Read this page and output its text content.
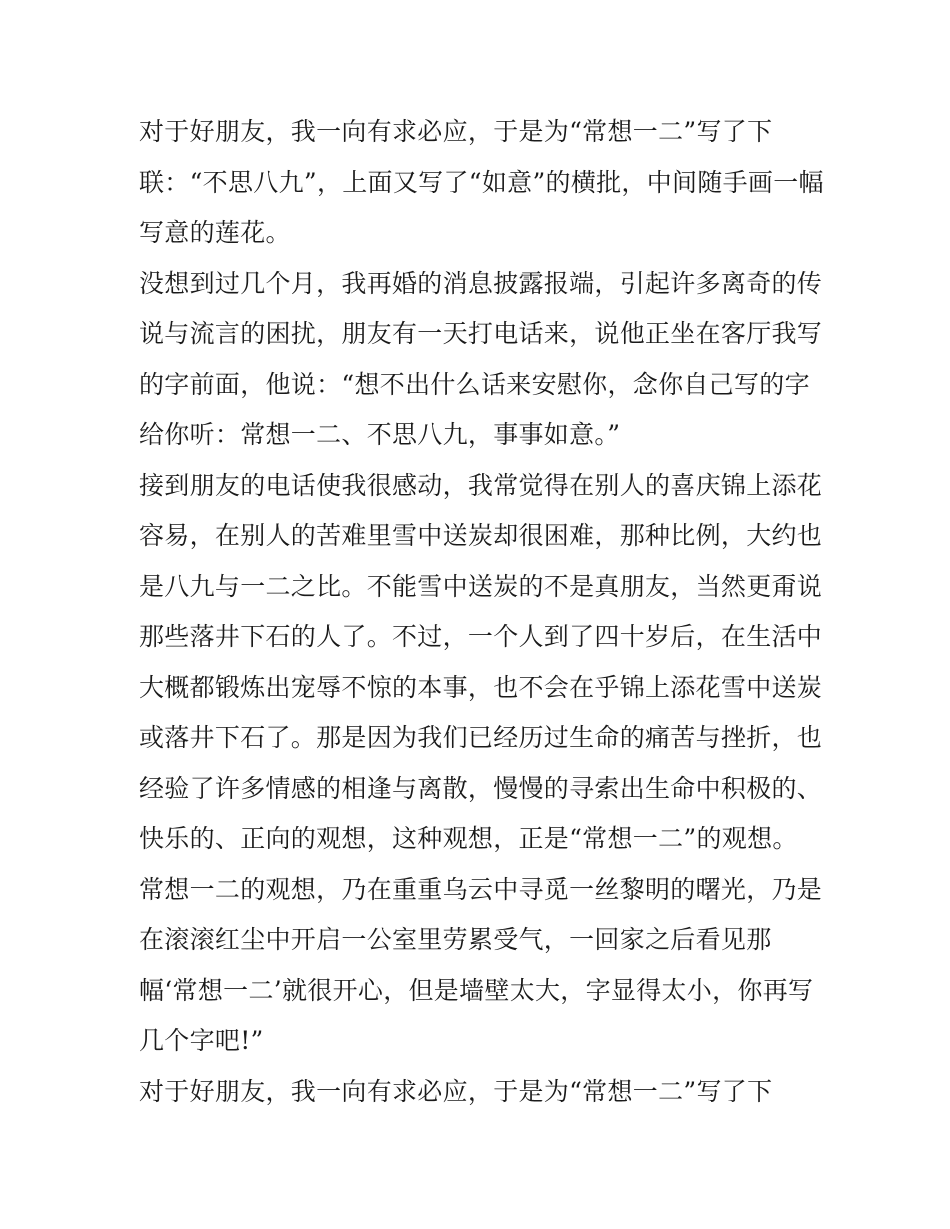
对于好朋友，我一向有求必应，于是为“常想一二”写了下
联：“不思八九”，上面又写了“如意”的横批，中间随手画一幅
写意的莲花。
没想到过几个月，我再婚的消息披露报端，引起许多离奇的传
说与流言的困扰，朋友有一天打电话来，说他正坐在客厅我写
的字前面，他说：“想不出什么话来安慰你，念你自己写的字
给你听：常想一二、不思八九，事事如意。”
接到朋友的电话使我很感动，我常觉得在别人的喜庆锦上添花
容易，在别人的苦难里雪中送炭却很困难，那种比例，大约也
是八九与一二之比。不能雪中送炭的不是真朋友，当然更甭说
那些落井下石的人了。不过，一个人到了四十岁后，在生活中
大概都锻炼出宠辱不惊的本事，也不会在乎锦上添花雪中送炭
或落井下石了。那是因为我们已经历过生命的痛苦与挫折，也
经验了许多情感的相逢与离散，慢慢的寻索出生命中积极的、
快乐的、正向的观想，这种观想，正是“常想一二”的观想。
常想一二的观想，乃在重重乌云中寻觅一丝黎明的曙光，乃是
在滚滚红尘中开启一公室里劳累受气，一回家之后看见那
幅‘常想一二’就很开心，但是墙壁太大，字显得太小，你再写
几个字吧!”
对于好朋友，我一向有求必应，于是为“常想一二”写了下
